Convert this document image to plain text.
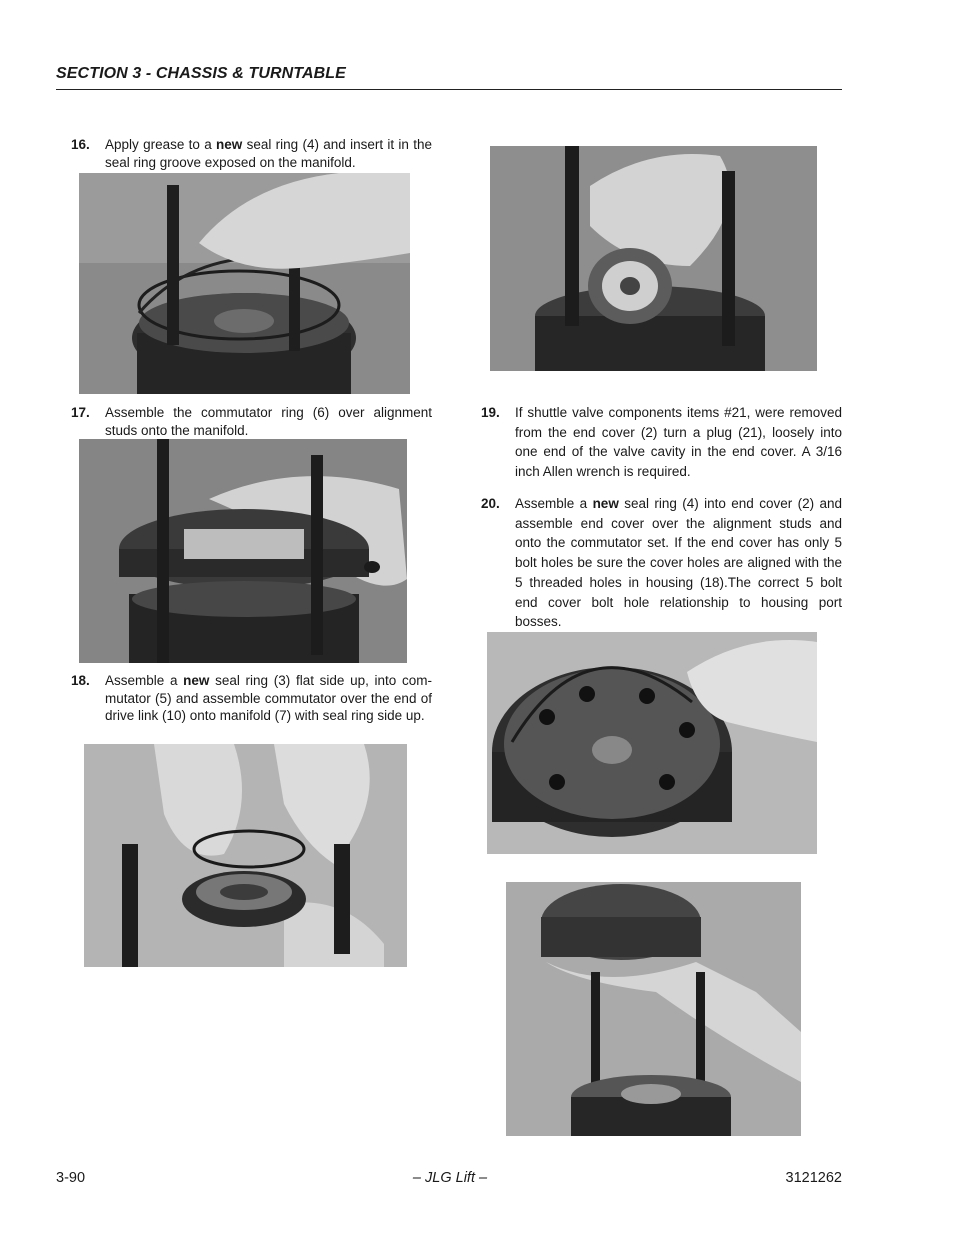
SECTION 3 - CHASSIS & TURNTABLE
16. Apply grease to a new seal ring (4) and insert it in the seal ring groove exposed on the manifold.
17. Assemble the commutator ring (6) over alignment studs onto the manifold.
18. Assemble a new seal ring (3) flat side up, into com-mutator (5) and assemble commutator over the end of drive link (10) onto manifold (7) with seal ring side up.
19. If shuttle valve components items #21, were removed from the end cover (2) turn a plug (21), loosely into one end of the valve cavity in the end cover. A 3/16 inch Allen wrench is required.
20. Assemble a new seal ring (4) into end cover (2) and assemble end cover over the alignment studs and onto the commutator set. If the end cover has only 5 bolt holes be sure the cover holes are aligned with the 5 threaded holes in housing (18).The correct 5 bolt end cover bolt hole relationship to housing port bosses.
3-90	– JLG Lift –	3121262
